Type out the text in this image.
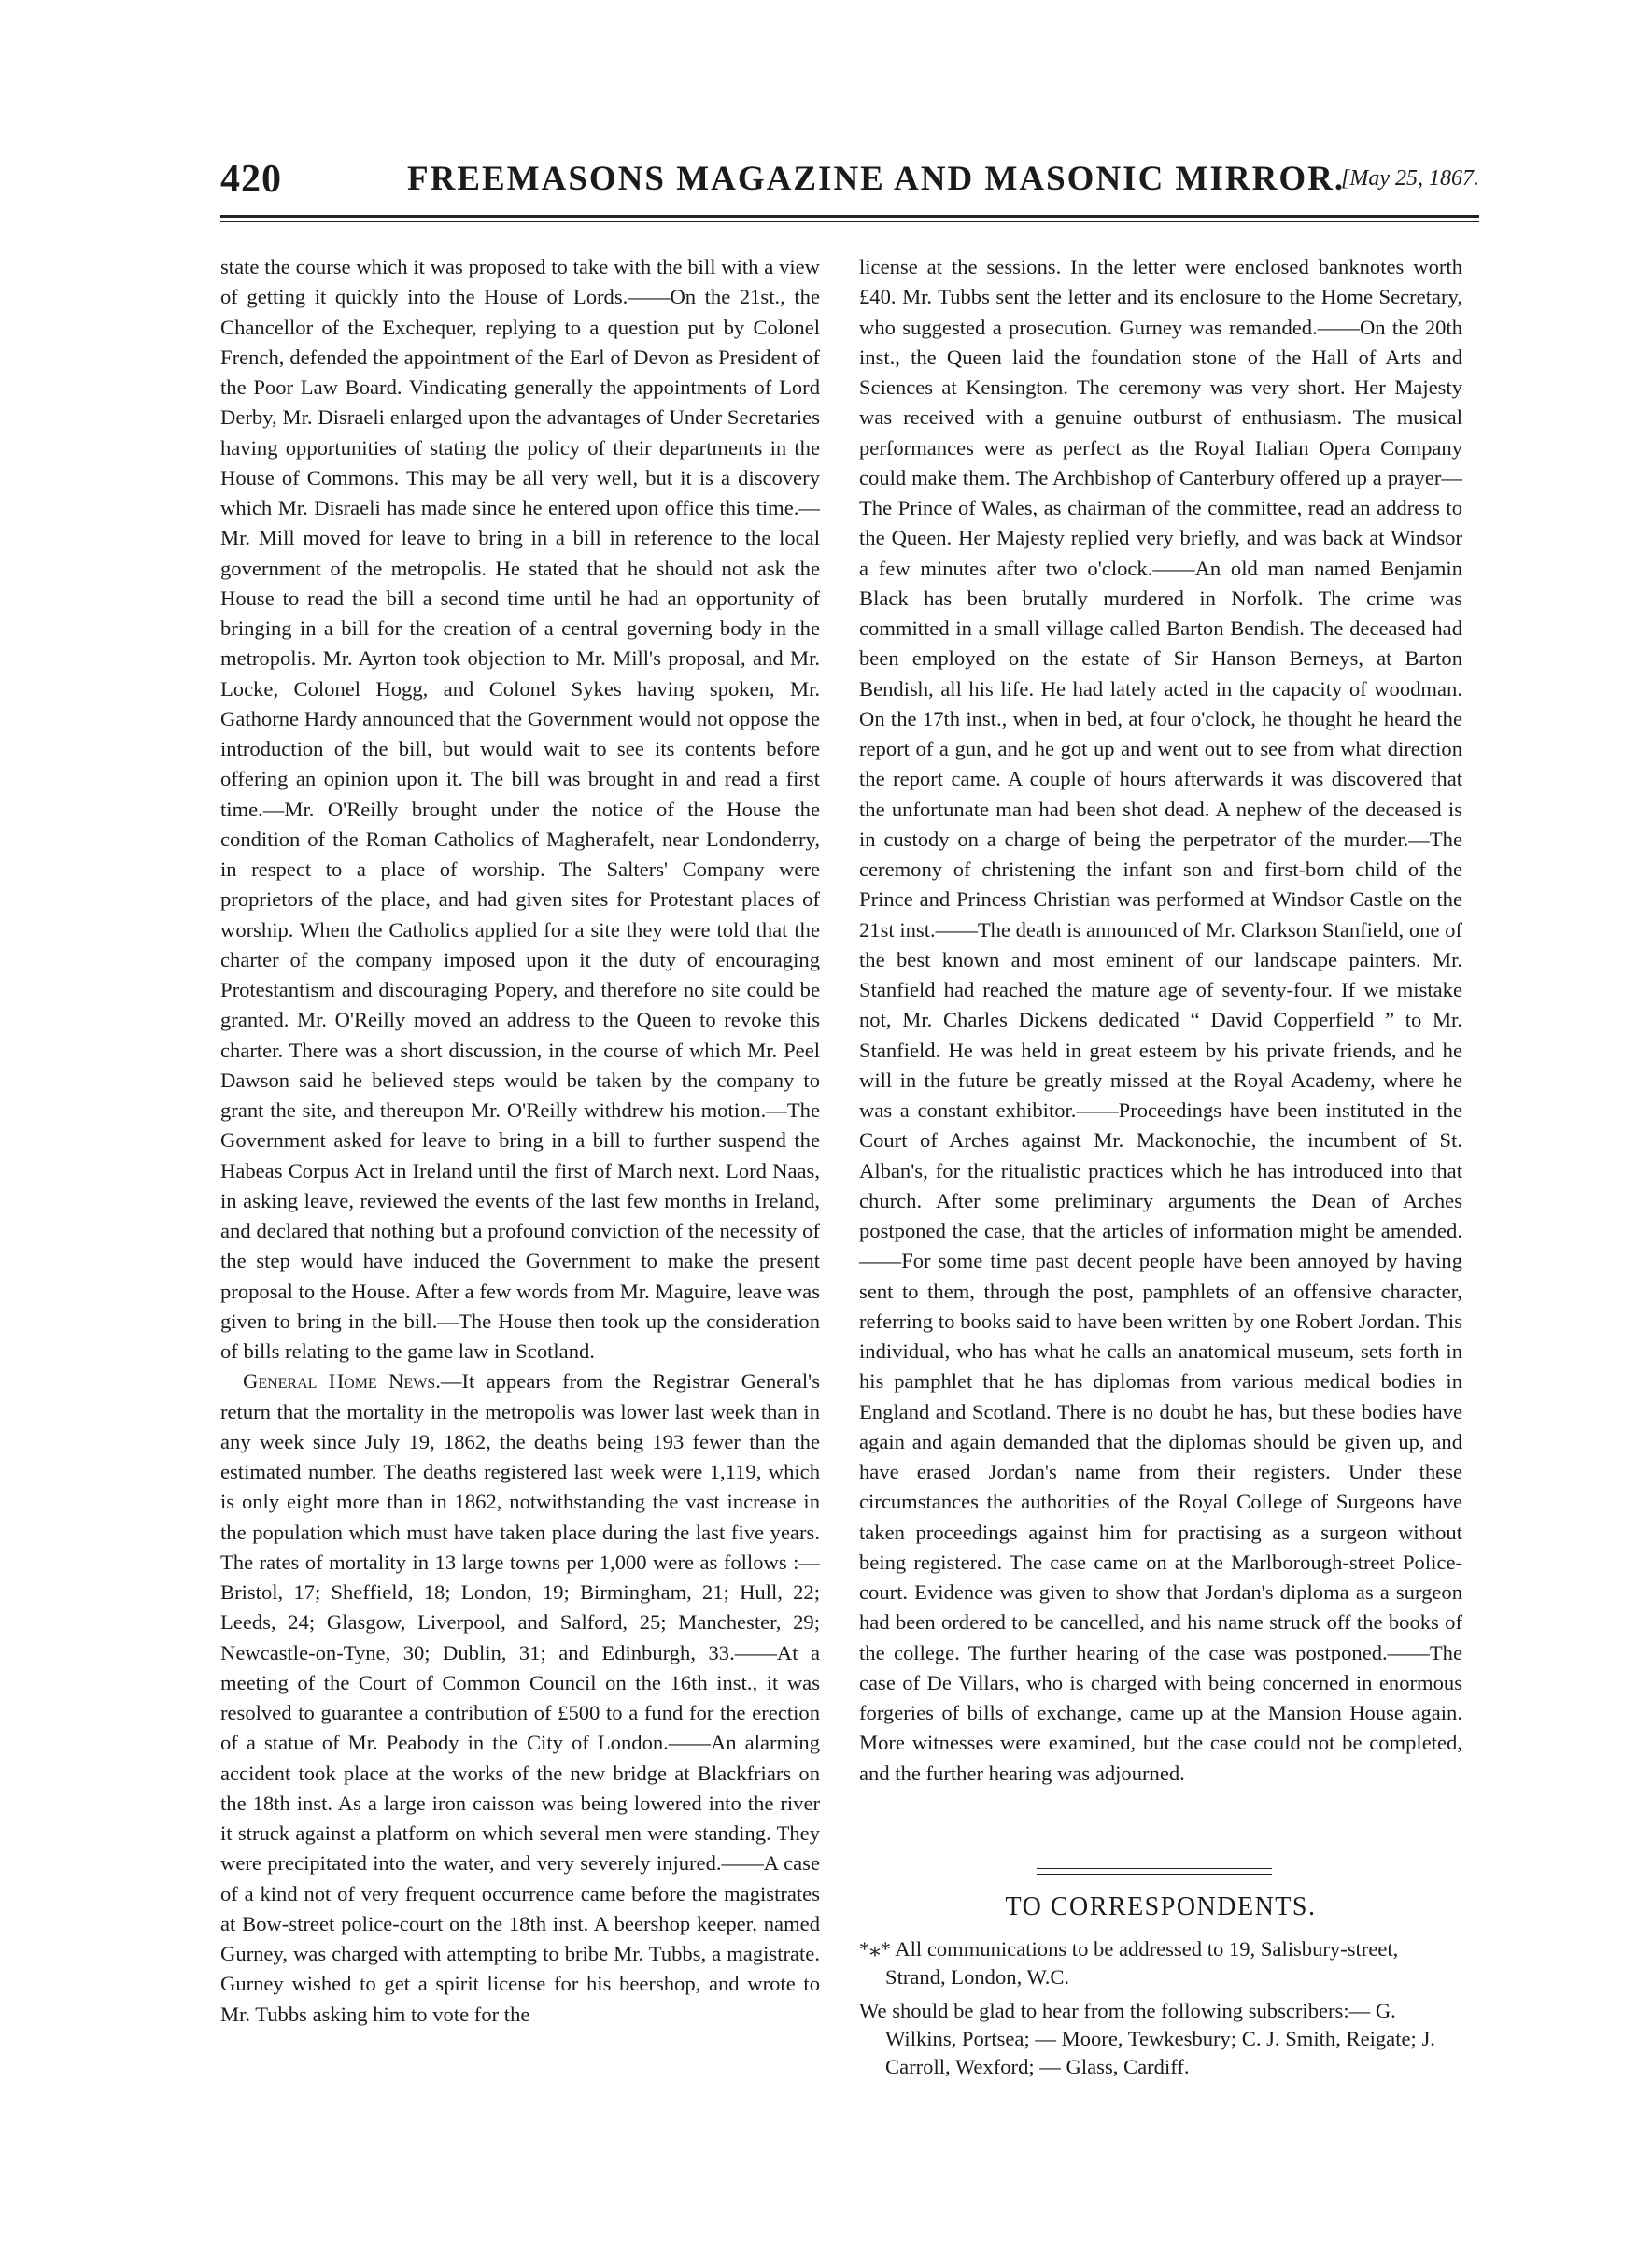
420	FREEMASONS MAGAZINE AND MASONIC MIRROR.
[May 25, 1867.

state the course which it was proposed to take with the bill with a view of getting it quickly into the House of Lords.——On the 21st., the Chancellor of the Exchequer, replying to a question put by Colonel French, defended the appointment of the Earl of Devon as President of the Poor Law Board. Vindicating generally the appointments of Lord Derby, Mr. Disraeli enlarged upon the advantages of Under Secretaries having opportunities of stating the policy of their departments in the House of Commons. This may be all very well, but it is a discovery which Mr. Disraeli has made since he entered upon office this time.—Mr. Mill moved for leave to bring in a bill in reference to the local government of the metropolis. He stated that he should not ask the House to read the bill a second time until he had an opportunity of bringing in a bill for the creation of a central governing body in the metropolis. Mr. Ayrton took objection to Mr. Mill's proposal, and Mr. Locke, Colonel Hogg, and Colonel Sykes having spoken, Mr. Gathorne Hardy announced that the Government would not oppose the introduction of the bill, but would wait to see its contents before offering an opinion upon it. The bill was brought in and read a first time.—Mr. O'Reilly brought under the notice of the House the condition of the Roman Catholics of Magherafelt, near Londonderry, in respect to a place of worship. The Salters' Company were proprietors of the place, and had given sites for Protestant places of worship. When the Catholics applied for a site they were told that the charter of the company imposed upon it the duty of encouraging Protestantism and discouraging Popery, and therefore no site could be granted. Mr. O'Reilly moved an address to the Queen to revoke this charter. There was a short discussion, in the course of which Mr. Peel Dawson said he believed steps would be taken by the company to grant the site, and thereupon Mr. O'Reilly withdrew his motion.—The Government asked for leave to bring in a bill to further suspend the Habeas Corpus Act in Ireland until the first of March next. Lord Naas, in asking leave, reviewed the events of the last few months in Ireland, and declared that nothing but a profound conviction of the necessity of the step would have induced the Government to make the present proposal to the House. After a few words from Mr. Maguire, leave was given to bring in the bill.—The House then took up the consideration of bills relating to the game law in Scotland.

General Home News.—It appears from the Registrar General's return that the mortality in the metropolis was lower last week than in any week since July 19, 1862, the deaths being 193 fewer than the estimated number. The deaths registered last week were 1,119, which is only eight more than in 1862, notwithstanding the vast increase in the population which must have taken place during the last five years. The rates of mortality in 13 large towns per 1,000 were as follows :—Bristol, 17; Sheffield, 18; London, 19; Birmingham, 21; Hull, 22; Leeds, 24; Glasgow, Liverpool, and Salford, 25; Manchester, 29; Newcastle-on-Tyne, 30; Dublin, 31; and Edinburgh, 33.——At a meeting of the Court of Common Council on the 16th inst., it was resolved to guarantee a contribution of £500 to a fund for the erection of a statue of Mr. Peabody in the City of London.——An alarming accident took place at the works of the new bridge at Blackfriars on the 18th inst. As a large iron caisson was being lowered into the river it struck against a platform on which several men were standing. They were precipitated into the water, and very severely injured.——A case of a kind not of very frequent occurrence came before the magistrates at Bow-street police-court on the 18th inst. A beershop keeper, named Gurney, was charged with attempting to bribe Mr. Tubbs, a magistrate. Gurney wished to get a spirit license for his beershop, and wrote to Mr. Tubbs asking him to vote for the

license at the sessions. In the letter were enclosed banknotes worth £40. Mr. Tubbs sent the letter and its enclosure to the Home Secretary, who suggested a prosecution. Gurney was remanded.——On the 20th inst., the Queen laid the foundation stone of the Hall of Arts and Sciences at Kensington. The ceremony was very short. Her Majesty was received with a genuine outburst of enthusiasm. The musical performances were as perfect as the Royal Italian Opera Company could make them. The Archbishop of Canterbury offered up a prayer—The Prince of Wales, as chairman of the committee, read an address to the Queen. Her Majesty replied very briefly, and was back at Windsor a few minutes after two o'clock.——An old man named Benjamin Black has been brutally murdered in Norfolk. The crime was committed in a small village called Barton Bendish. The deceased had been employed on the estate of Sir Hanson Berneys, at Barton Bendish, all his life. He had lately acted in the capacity of woodman. On the 17th inst., when in bed, at four o'clock, he thought he heard the report of a gun, and he got up and went out to see from what direction the report came. A couple of hours afterwards it was discovered that the unfortunate man had been shot dead. A nephew of the deceased is in custody on a charge of being the perpetrator of the murder.—The ceremony of christening the infant son and first-born child of the Prince and Princess Christian was performed at Windsor Castle on the 21st inst.——The death is announced of Mr. Clarkson Stanfield, one of the best known and most eminent of our landscape painters. Mr. Stanfield had reached the mature age of seventy-four. If we mistake not, Mr. Charles Dickens dedicated “ David Copperfield ” to Mr. Stanfield. He was held in great esteem by his private friends, and he will in the future be greatly missed at the Royal Academy, where he was a constant exhibitor.——Proceedings have been instituted in the Court of Arches against Mr. Mackonochie, the incumbent of St. Alban's, for the ritualistic practices which he has introduced into that church. After some preliminary arguments the Dean of Arches postponed the case, that the articles of information might be amended.——For some time past decent people have been annoyed by having sent to them, through the post, pamphlets of an offensive character, referring to books said to have been written by one Robert Jordan. This individual, who has what he calls an anatomical museum, sets forth in his pamphlet that he has diplomas from various medical bodies in England and Scotland. There is no doubt he has, but these bodies have again and again demanded that the diplomas should be given up, and have erased Jordan's name from their registers. Under these circumstances the authorities of the Royal College of Surgeons have taken proceedings against him for practising as a surgeon without being registered. The case came on at the Marlborough-street Police-court. Evidence was given to show that Jordan's diploma as a surgeon had been ordered to be cancelled, and his name struck off the books of the college. The further hearing of the case was postponed.——The case of De Villars, who is charged with being concerned in enormous forgeries of bills of exchange, came up at the Mansion House again. More witnesses were examined, but the case could not be completed, and the further hearing was adjourned.

TO CORRESPONDENTS.

*⁎* All communications to be addressed to 19, Salisbury-street, Strand, London, W.C.

We should be glad to hear from the following subscribers:— G. Wilkins, Portsea; — Moore, Tewkesbury; C. J. Smith, Reigate; J. Carroll, Wexford; — Glass, Cardiff.
